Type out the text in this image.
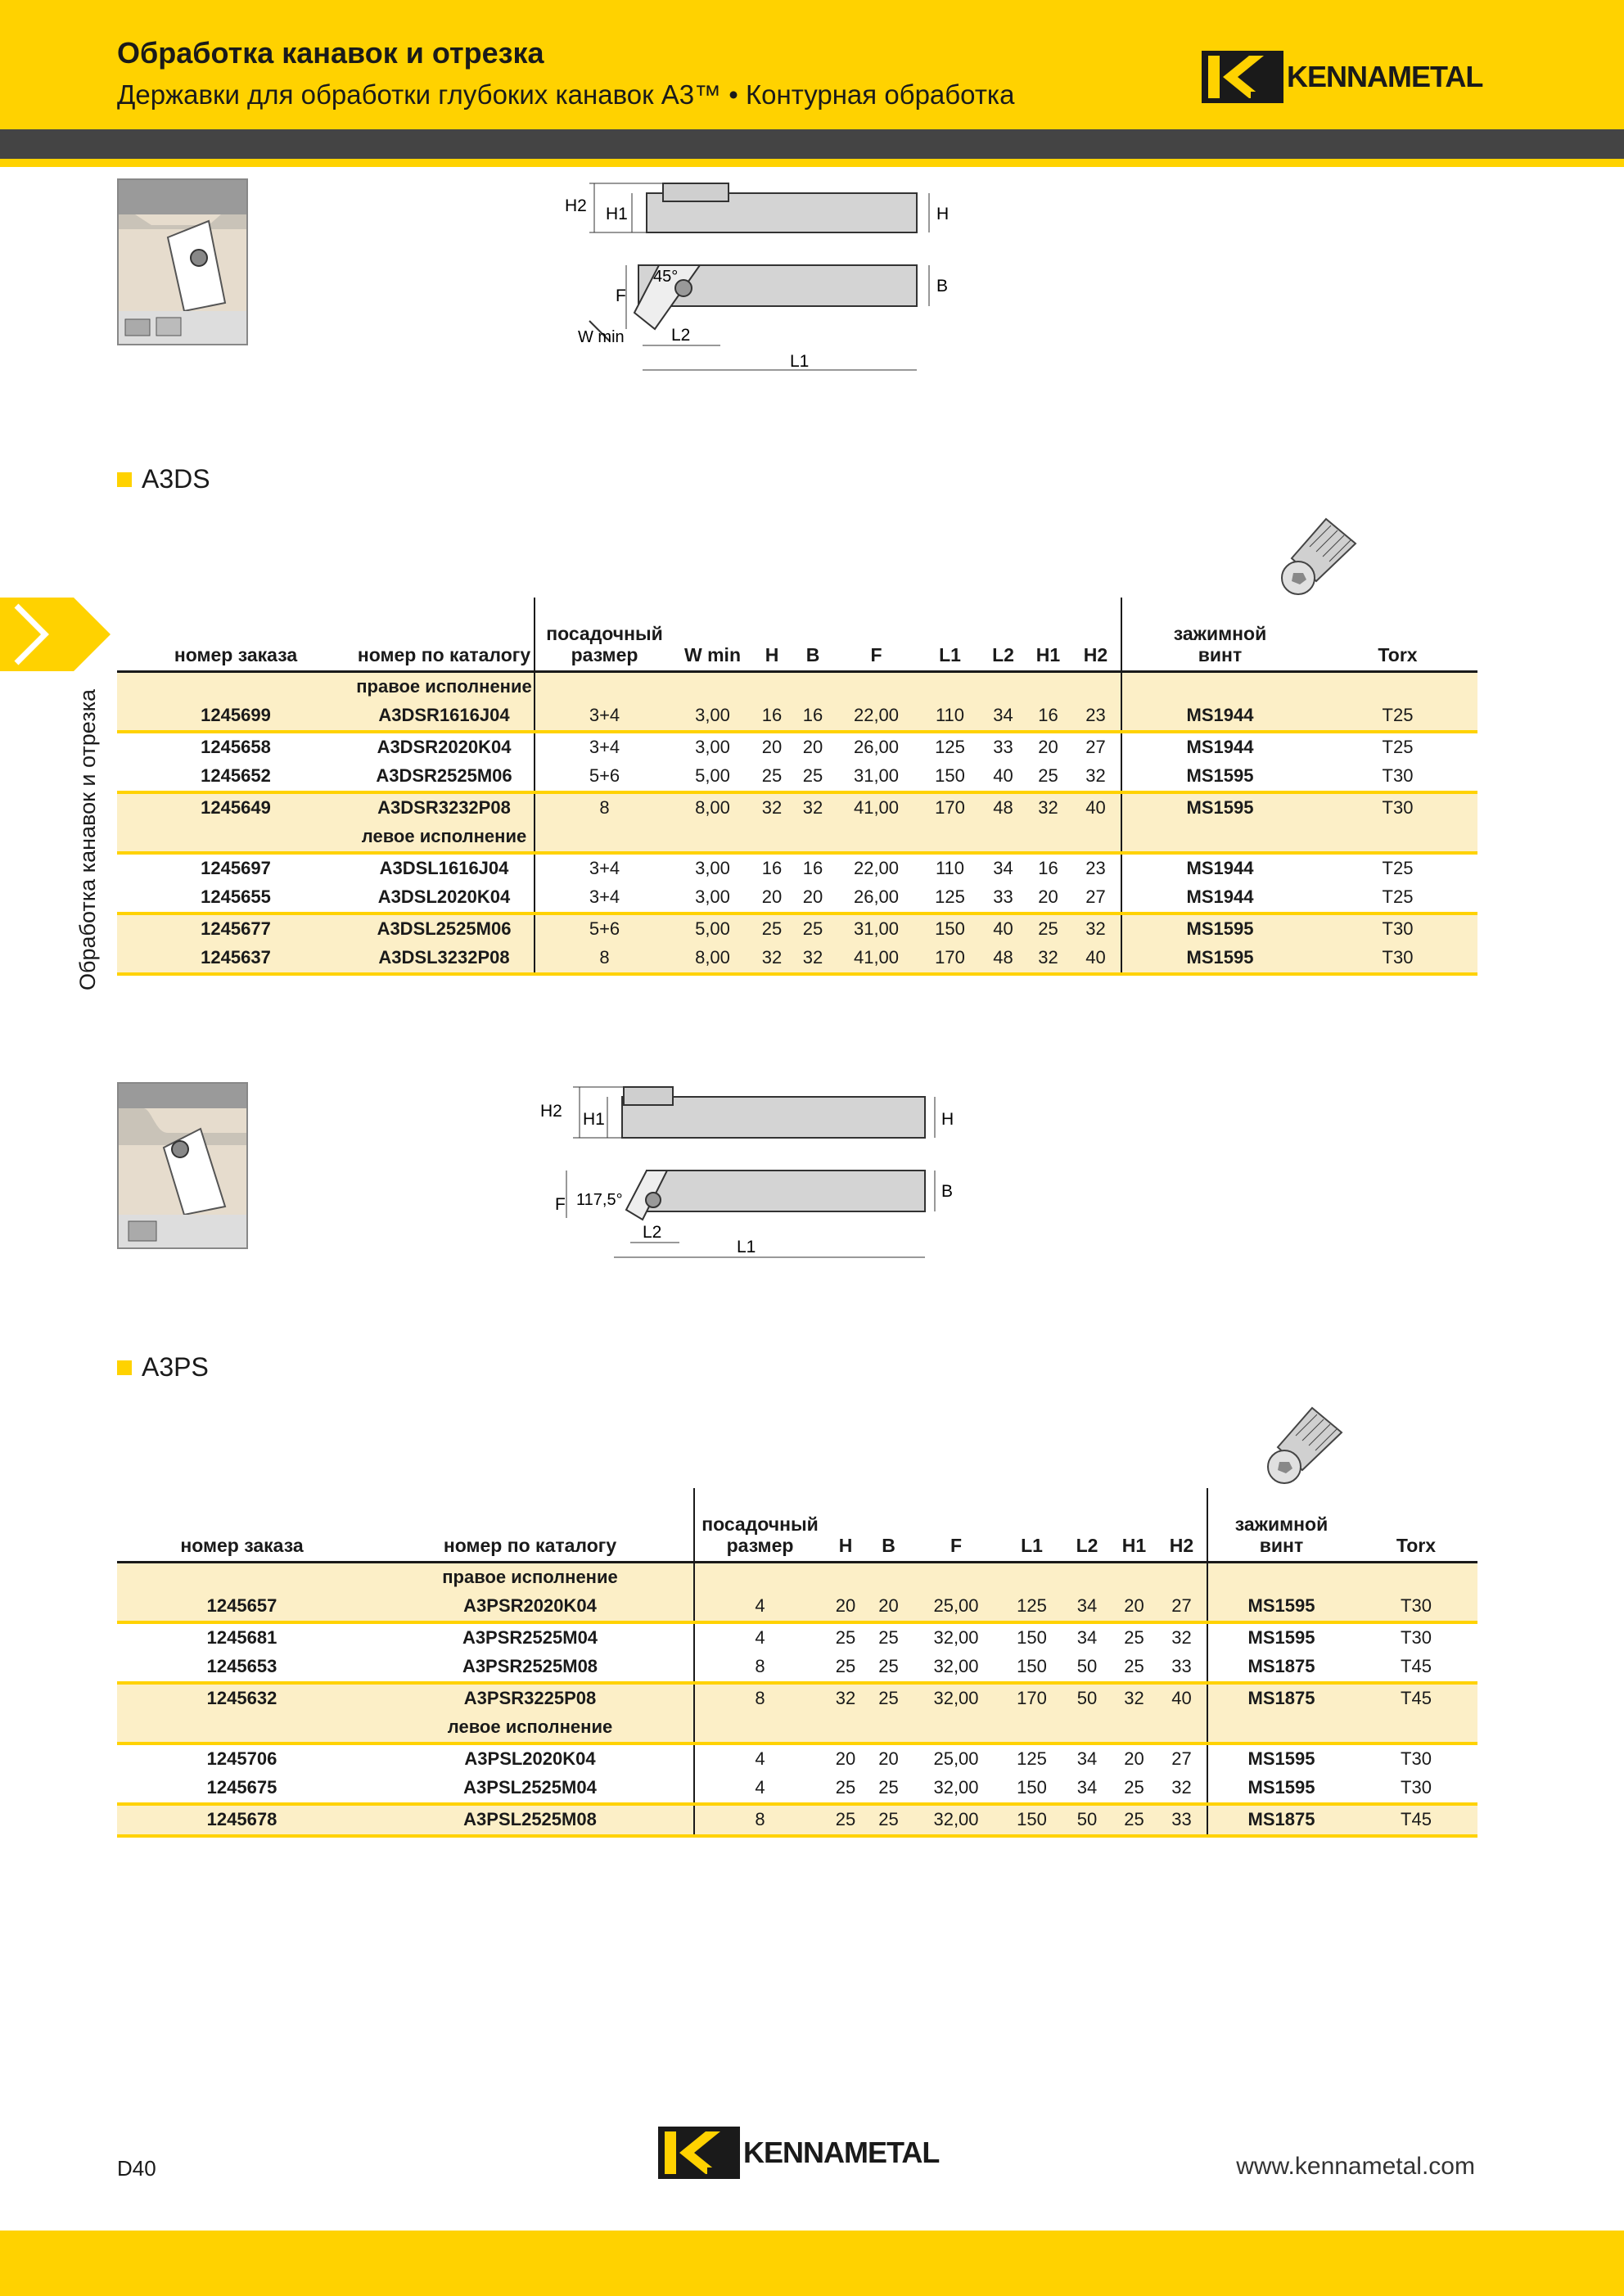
Обработка канавок и отрезка
Державки для обработки глубоких канавок A3™ • Контурная обработка
KENNAMETAL
Обработка канавок и отрезка
H2 H1	H
45°
F
B
W min	L2
L1
A3DS
номер заказа	номер по каталогу	посадочный
размер	W min	H	B	F	L1	L2	H1	H2	зажимной
винт	Torx
	правое исполнение											
1245699	A3DSR1616J04	3+4	3,00	16	16	22,00	110	34	16	23	MS1944	T25
1245658	A3DSR2020K04	3+4	3,00	20	20	26,00	125	33	20	27	MS1944	T25
1245652	A3DSR2525M06	5+6	5,00	25	25	31,00	150	40	25	32	MS1595	T30
1245649	A3DSR3232P08	8	8,00	32	32	41,00	170	48	32	40	MS1595	T30
	левое исполнение											
1245697	A3DSL1616J04	3+4	3,00	16	16	22,00	110	34	16	23	MS1944	T25
1245655	A3DSL2020K04	3+4	3,00	20	20	26,00	125	33	20	27	MS1944	T25
1245677	A3DSL2525M06	5+6	5,00	25	25	31,00	150	40	25	32	MS1595	T30
1245637	A3DSL3232P08	8	8,00	32	32	41,00	170	48	32	40	MS1595	T30
H2 H1	H
117,5°
F
B
L2
L1
A3PS
номер заказа	номер по каталогу	посадочный
размер	H	B	F	L1	L2	H1	H2	зажимной
винт	Torx
	правое исполнение										
1245657	A3PSR2020K04	4	20	20	25,00	125	34	20	27	MS1595	T30
1245681	A3PSR2525M04	4	25	25	32,00	150	34	25	32	MS1595	T30
1245653	A3PSR2525M08	8	25	25	32,00	150	50	25	33	MS1875	T45
1245632	A3PSR3225P08	8	32	25	32,00	170	50	32	40	MS1875	T45
	левое исполнение										
1245706	A3PSL2020K04	4	20	20	25,00	125	34	20	27	MS1595	T30
1245675	A3PSL2525M04	4	25	25	32,00	150	34	25	32	MS1595	T30
1245678	A3PSL2525M08	8	25	25	32,00	150	50	25	33	MS1875	T45
D40	KENNAMETAL	www.kennametal.com
